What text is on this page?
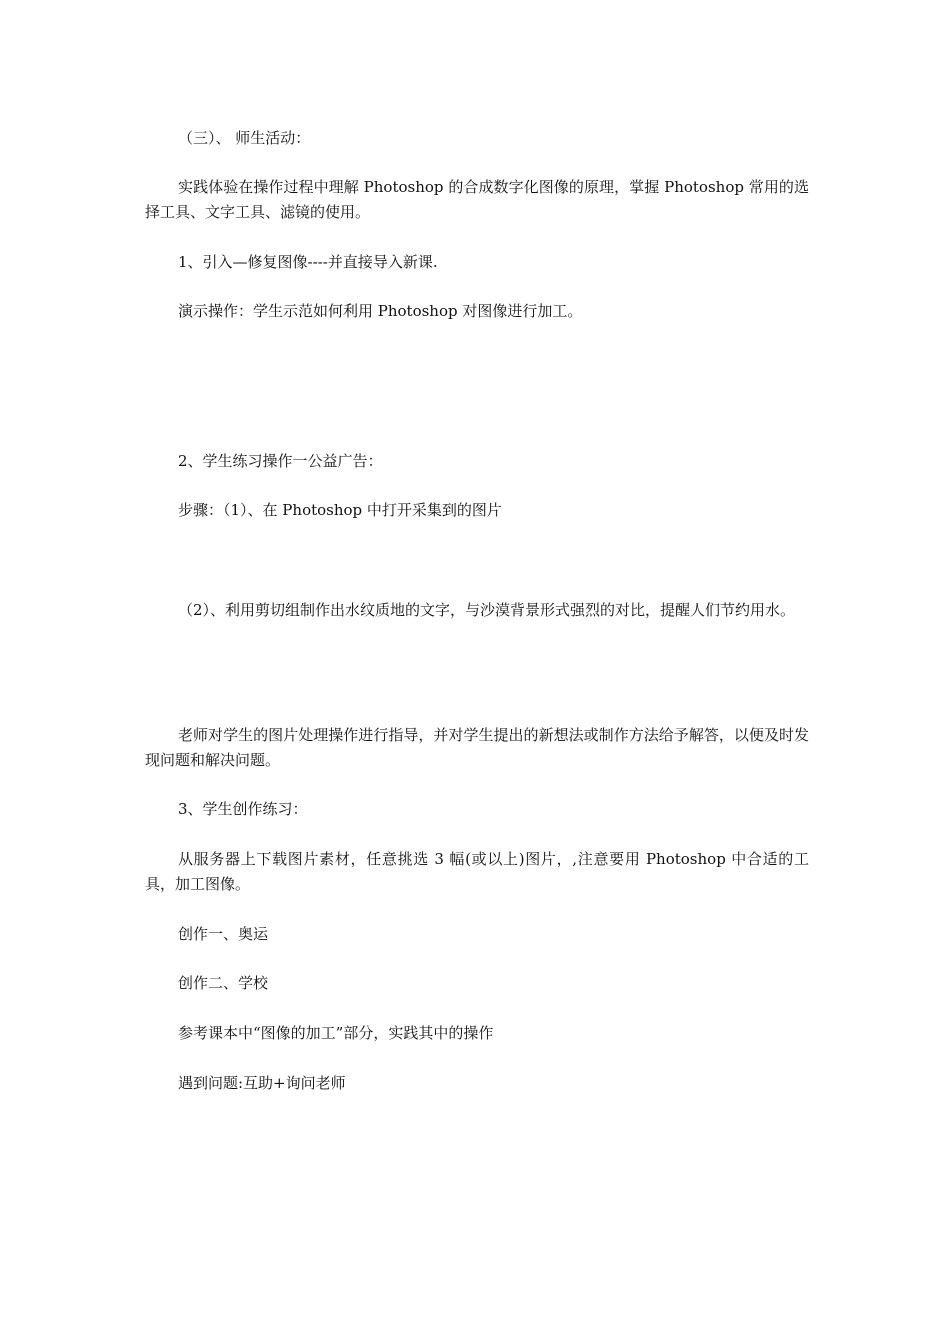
（三）、 师生活动：

实践体验在操作过程中理解 Photoshop 的合成数字化图像的原理，掌握 Photoshop 常用的选择工具、文字工具、滤镜的使用。

1、引入—修复图像----并直接导入新课.

演示操作：学生示范如何利用 Photoshop 对图像进行加工。

2、学生练习操作一公益广告：

步骤：（1）、在 Photoshop 中打开采集到的图片

（2）、利用剪切组制作出水纹质地的文字，与沙漠背景形式强烈的对比，提醒人们节约用水。

老师对学生的图片处理操作进行指导，并对学生提出的新想法或制作方法给予解答，以便及时发现问题和解决问题。

3、学生创作练习：

从服务器上下载图片素材，任意挑选 3 幅(或以上)图片，,注意要用 Photoshop 中合适的工具，加工图像。

创作一、奥运

创作二、学校

参考课本中“图像的加工”部分，实践其中的操作

遇到问题:互助+询问老师
